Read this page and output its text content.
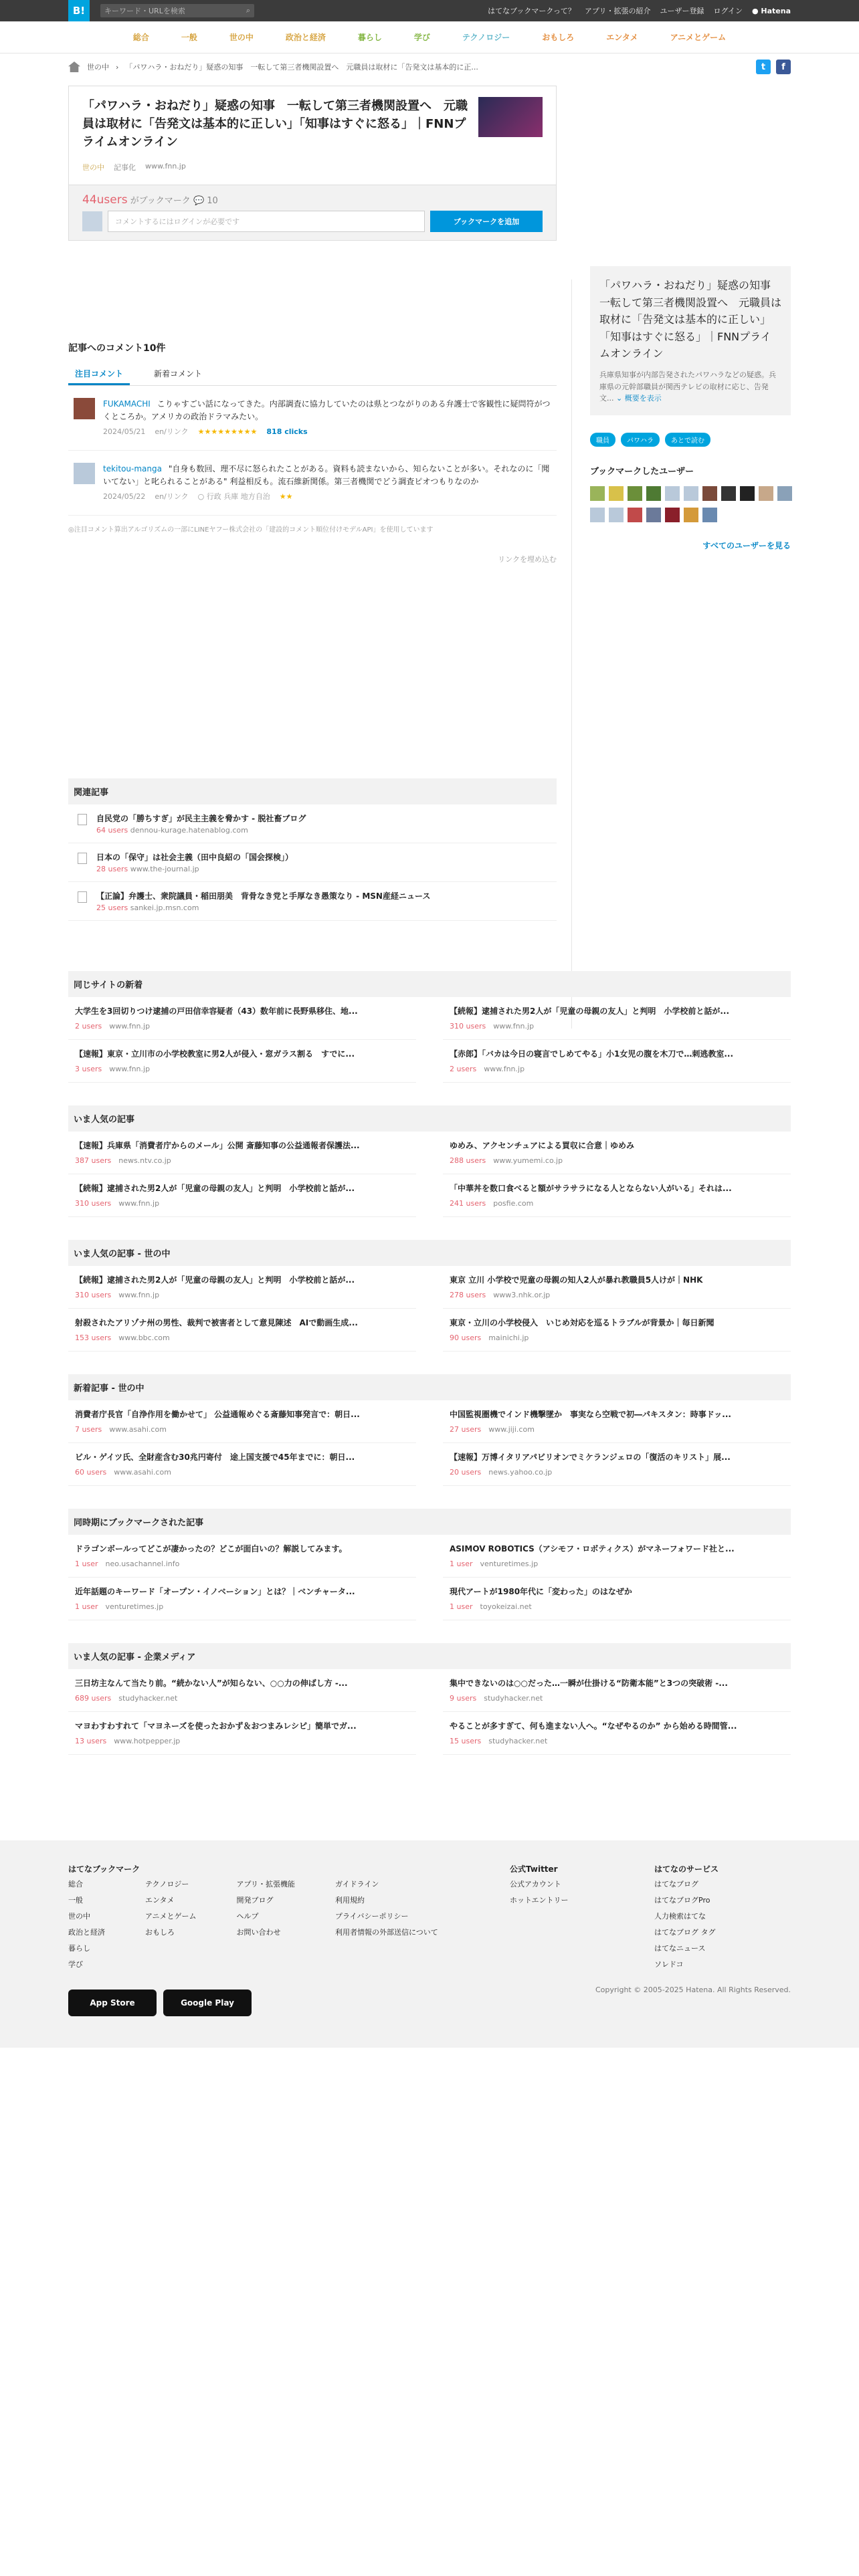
B!	キーワード・URLを検索	⌕	はてなブックマークって？ アプリ・拡張の紹介 ユーザー登録 ログイン ● Hatena
総合	一般	世の中	政治と経済	暮らし	学び	テクノロジー	おもしろ	エンタメ	アニメとゲーム
世の中 › 「パワハラ・おねだり」疑惑の知事　一転して第三者機関設置へ　元職員は取材に「告発文は基本的に正...	t	f
「パワハラ・おねだり」疑惑の知事　一転して第三者機関設置へ　元職員は取材に「告発文は基本的に正しい」「知事はすぐに怒る」｜FNNプライムオンライン
世の中 記事化 www.fnn.jp
44users がブックマーク 💬 10
コメントするにはログインが必要です	ブックマークを追加
記事へのコメント10件
注目コメント	新着コメント
FUKAMACHI こりゃすごい話になってきた。内部調査に協力していたのは県とつながりのある弁護士で客観性に疑問符がつくところか。アメリカの政治ドラマみたい。
2024/05/21 en/リンク ★★★★★★★★★ 818 clicks
tekitou-manga "自身も数回、理不尽に怒られたことがある。資料も読まないから、知らないことが多い。それなのに「聞いてない」と叱られることがある" 利益相反も。流石維新関係。第三者機関でどう調査ピオつもりなのか
2024/05/22 en/リンク ○ 行政 兵庫 地方自治 ★★
◎注目コメント算出アルゴリズムの一部にLINEヤフー株式会社の「建設的コメント順位付けモデルAPI」を使用しています
リンクを埋め込む
関連記事
自民党の「勝ちすぎ」が民主主義を脅かす - 脱社畜ブログ
64 users dennou-kurage.hatenablog.com
日本の「保守」は社会主義（田中良紹の「国会探検」）
28 users www.the-journal.jp
【正論】弁護士、衆院議員・稲田朋美　背骨なき党と手厚なき愚策なり - MSN産経ニュース
25 users sankei.jp.msn.com
「パワハラ・おねだり」疑惑の知事　一転して第三者機関設置へ　元職員は取材に「告発文は基本的に正しい」「知事はすぐに怒る」｜FNNプライムオンライン
兵庫県知事が内部告発されたパワハラなどの疑惑。兵庫県の元幹部職員が関西テレビの取材に応じ、告発文... ⌄ 概要を表示
職員	パワハラ	あとで読む
ブックマークしたユーザー
すべてのユーザーを見る
同じサイトの新着
大学生を3回切りつけ逮捕の戸田信幸容疑者（43）数年前に長野県移住、地...
2 users　 www.fnn.jp
【続報】逮捕された男2人が「児童の母親の友人」と判明　小学校前と話が...
310 users　 www.fnn.jp
【速報】東京・立川市の小学校教室に男2人が侵入・窓ガラス割る　すでに...
3 users　 www.fnn.jp
【赤郎】「バカは今日の寝言でしめてやる」小1女児の腹を木刀で…刺逃教室...
2 users　 www.fnn.jp
いま人気の記事
【速報】兵庫県「消費者庁からのメール」公開 斎藤知事の公益通報者保護法...
387 users　 news.ntv.co.jp
ゆめみ、アクセンチュアによる買収に合意｜ゆめみ
288 users　 www.yumemi.co.jp
【続報】逮捕された男2人が「児童の母親の友人」と判明　小学校前と話が...
310 users　 www.fnn.jp
「中華丼を数口食べると額がサラサラになる人とならない人がいる」それは...
241 users　 posfie.com
いま人気の記事 - 世の中
【続報】逮捕された男2人が「児童の母親の友人」と判明　小学校前と話が...
310 users　 www.fnn.jp
東京 立川 小学校で児童の母親の知人2人が暴れ教職員5人けが｜NHK
278 users　 www3.nhk.or.jp
射殺されたアリゾナ州の男性、裁判で被害者として意見陳述　AIで動画生成...
153 users　 www.bbc.com
東京・立川の小学校侵入　いじめ対応を巡るトラブルが背景か｜毎日新聞
90 users　 mainichi.jp
新着記事 - 世の中
消費者庁長官「自浄作用を働かせて」 公益通報めぐる斎藤知事発言で：朝日...
7 users　 www.asahi.com
中国監視圏機でインド機撃墜か　事実なら空戦で初―パキスタン：時事ドッ...
27 users　 www.jiji.com
ビル・ゲイツ氏、全財産含む30兆円寄付　途上国支援で45年までに：朝日...
60 users　 www.asahi.com
【速報】万博イタリアパビリオンでミケランジェロの「復活のキリスト」展...
20 users　 news.yahoo.co.jp
同時期にブックマークされた記事
ドラゴンボールってどこが凄かったの？どこが面白いの？解説してみます。
1 user　 neo.usachannel.info
ASIMOV ROBOTICS（アシモフ・ロボティクス）がマネーフォワード社と...
1 user　 venturetimes.jp
近年話題のキーワード「オープン・イノベーション」とは？｜ベンチャータ...
1 user　 venturetimes.jp
現代アートが1980年代に「変わった」のはなぜか
1 user　 toyokeizai.net
いま人気の記事 - 企業メディア
三日坊主なんて当たり前。“続かない人”が知らない、○○力の伸ばし方 -...
689 users　 studyhacker.net
集中できないのは○○だった…一瞬が仕掛ける“防衛本能”と3つの突破術 -...
9 users　 studyhacker.net
マヨわすわすれて「マヨネーズを使ったおかず＆おつまみレシピ」簡単でガ...
13 users　 www.hotpepper.jp
やることが多すぎて、何も進まない人へ。“なぜやるのか” から始める時間管...
15 users　 studyhacker.net
はてなブックマーク
総合
一般
世の中
政治と経済
暮らし
学び
テクノロジー
エンタメ
アニメとゲーム
おもしろ
アプリ・拡張機能
開発ブログ
ヘルプ
お問い合わせ
ガイドライン
利用規約
プライバシーポリシー
利用者情報の外部送信について
公式Twitter
公式アカウント
ホットエントリー
はてなのサービス
はてなブログ
はてなブログPro
人力検索はてな
はてなブログ タグ
はてなニュース
ソレドコ
App Store	Google Play
Copyright © 2005-2025 Hatena. All Rights Reserved.
